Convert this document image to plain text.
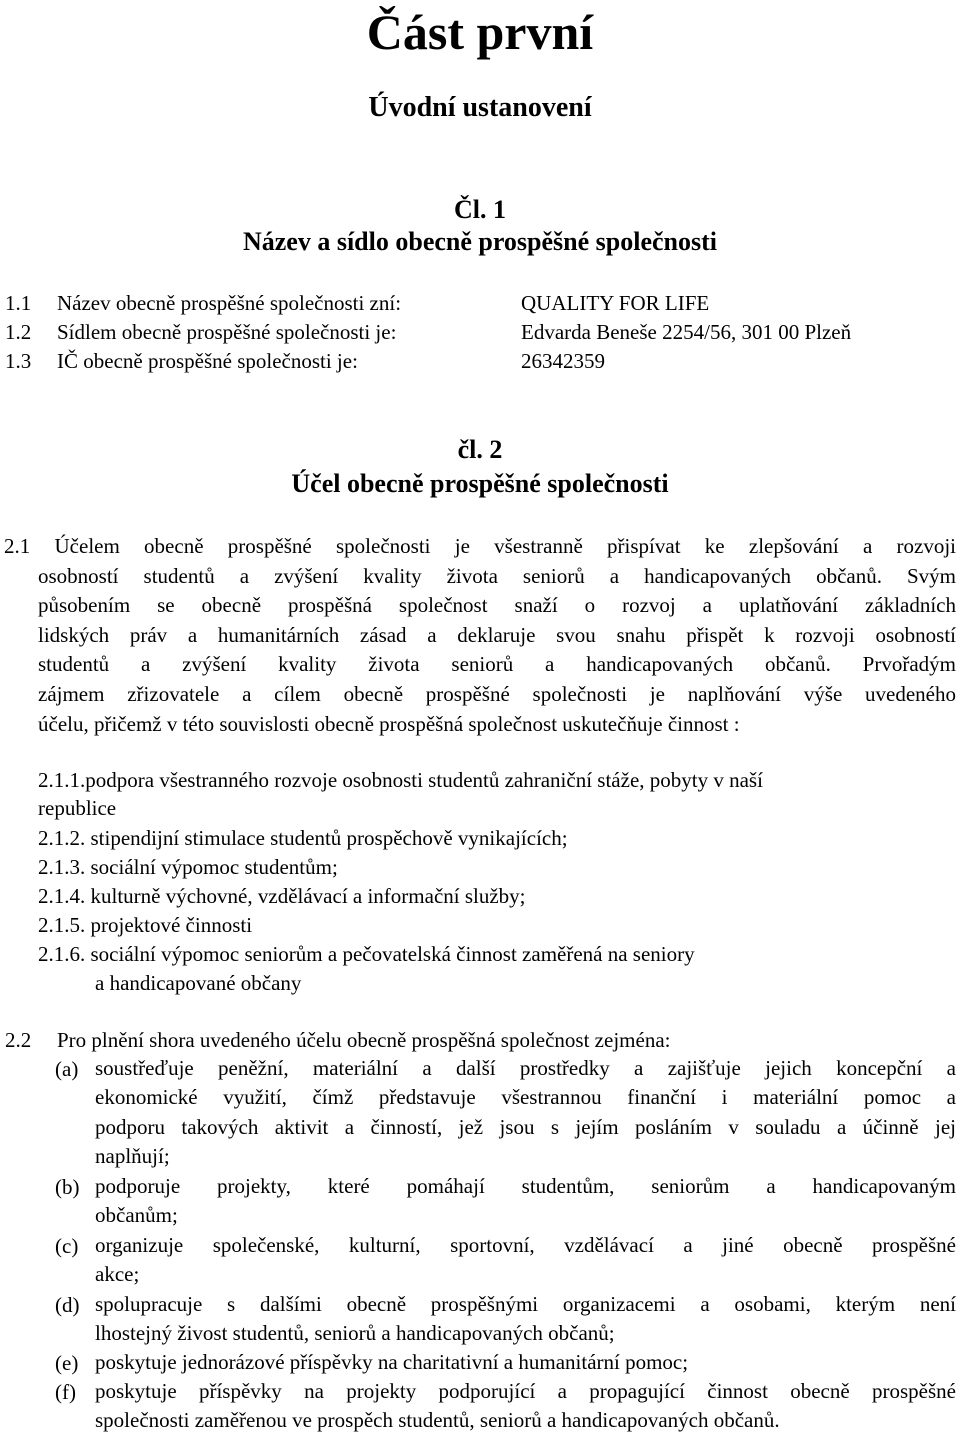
Část první
Úvodní ustanovení
Čl. 1
Název a sídlo obecně prospěšné společnosti
1.1 Název obecně prospěšné společnosti zní:	QUALITY FOR LIFE
1.2 Sídlem obecně prospěšné společnosti je:	Edvarda Beneše 2254/56, 301 00 Plzeň
1.3 IČ obecně prospěšné společnosti je:	26342359
čl. 2
Účel obecně prospěšné společnosti
2.1 Účelem obecně prospěšné společnosti je všestranně přispívat ke zlepšování a rozvoji
osobností studentů a zvýšení kvality života seniorů a handicapovaných občanů. Svým
působením se obecně prospěšná společnost snaží o rozvoj a uplatňování základních
lidských práv a humanitárních zásad a deklaruje svou snahu přispět k rozvoji osobností
studentů a zvýšení kvality života seniorů a handicapovaných občanů. Prvořadým
zájmem zřizovatele a cílem obecně prospěšné společnosti je naplňování výše uvedeného
účelu, přičemž v této souvislosti obecně prospěšná společnost uskutečňuje činnost :
2.1.1.podpora všestranného rozvoje osobnosti studentů zahraniční stáže, pobyty v naší
republice
2.1.2. stipendijní stimulace studentů prospěchově vynikajících;
2.1.3. sociální výpomoc studentům;
2.1.4. kulturně výchovné, vzdělávací a informační služby;
2.1.5. projektové činnosti
2.1.6. sociální výpomoc seniorům a pečovatelská činnost zaměřená na seniory
a handicapované občany
2.2 Pro plnění shora uvedeného účelu obecně prospěšná společnost zejména:
(a) soustřeďuje peněžní, materiální a další prostředky a zajišťuje jejich koncepční a
ekonomické využití, čímž představuje všestrannou finanční i materiální pomoc a
podporu takových aktivit a činností, jež jsou s jejím posláním v souladu a účinně jej
naplňují;
(b) podporuje projekty, které pomáhají studentům, seniorům a handicapovaným
občanům;
(c) organizuje společenské, kulturní, sportovní, vzdělávací a jiné obecně prospěšné
akce;
(d) spolupracuje s dalšími obecně prospěšnými organizacemi a osobami, kterým není
lhostejný živost studentů, seniorů a handicapovaných občanů;
(e) poskytuje jednorázové příspěvky na charitativní a humanitární pomoc;
(f) poskytuje příspěvky na projekty podporující a propagující činnost obecně prospěšné
společnosti zaměřenou ve prospěch studentů, seniorů a handicapovaných občanů.
